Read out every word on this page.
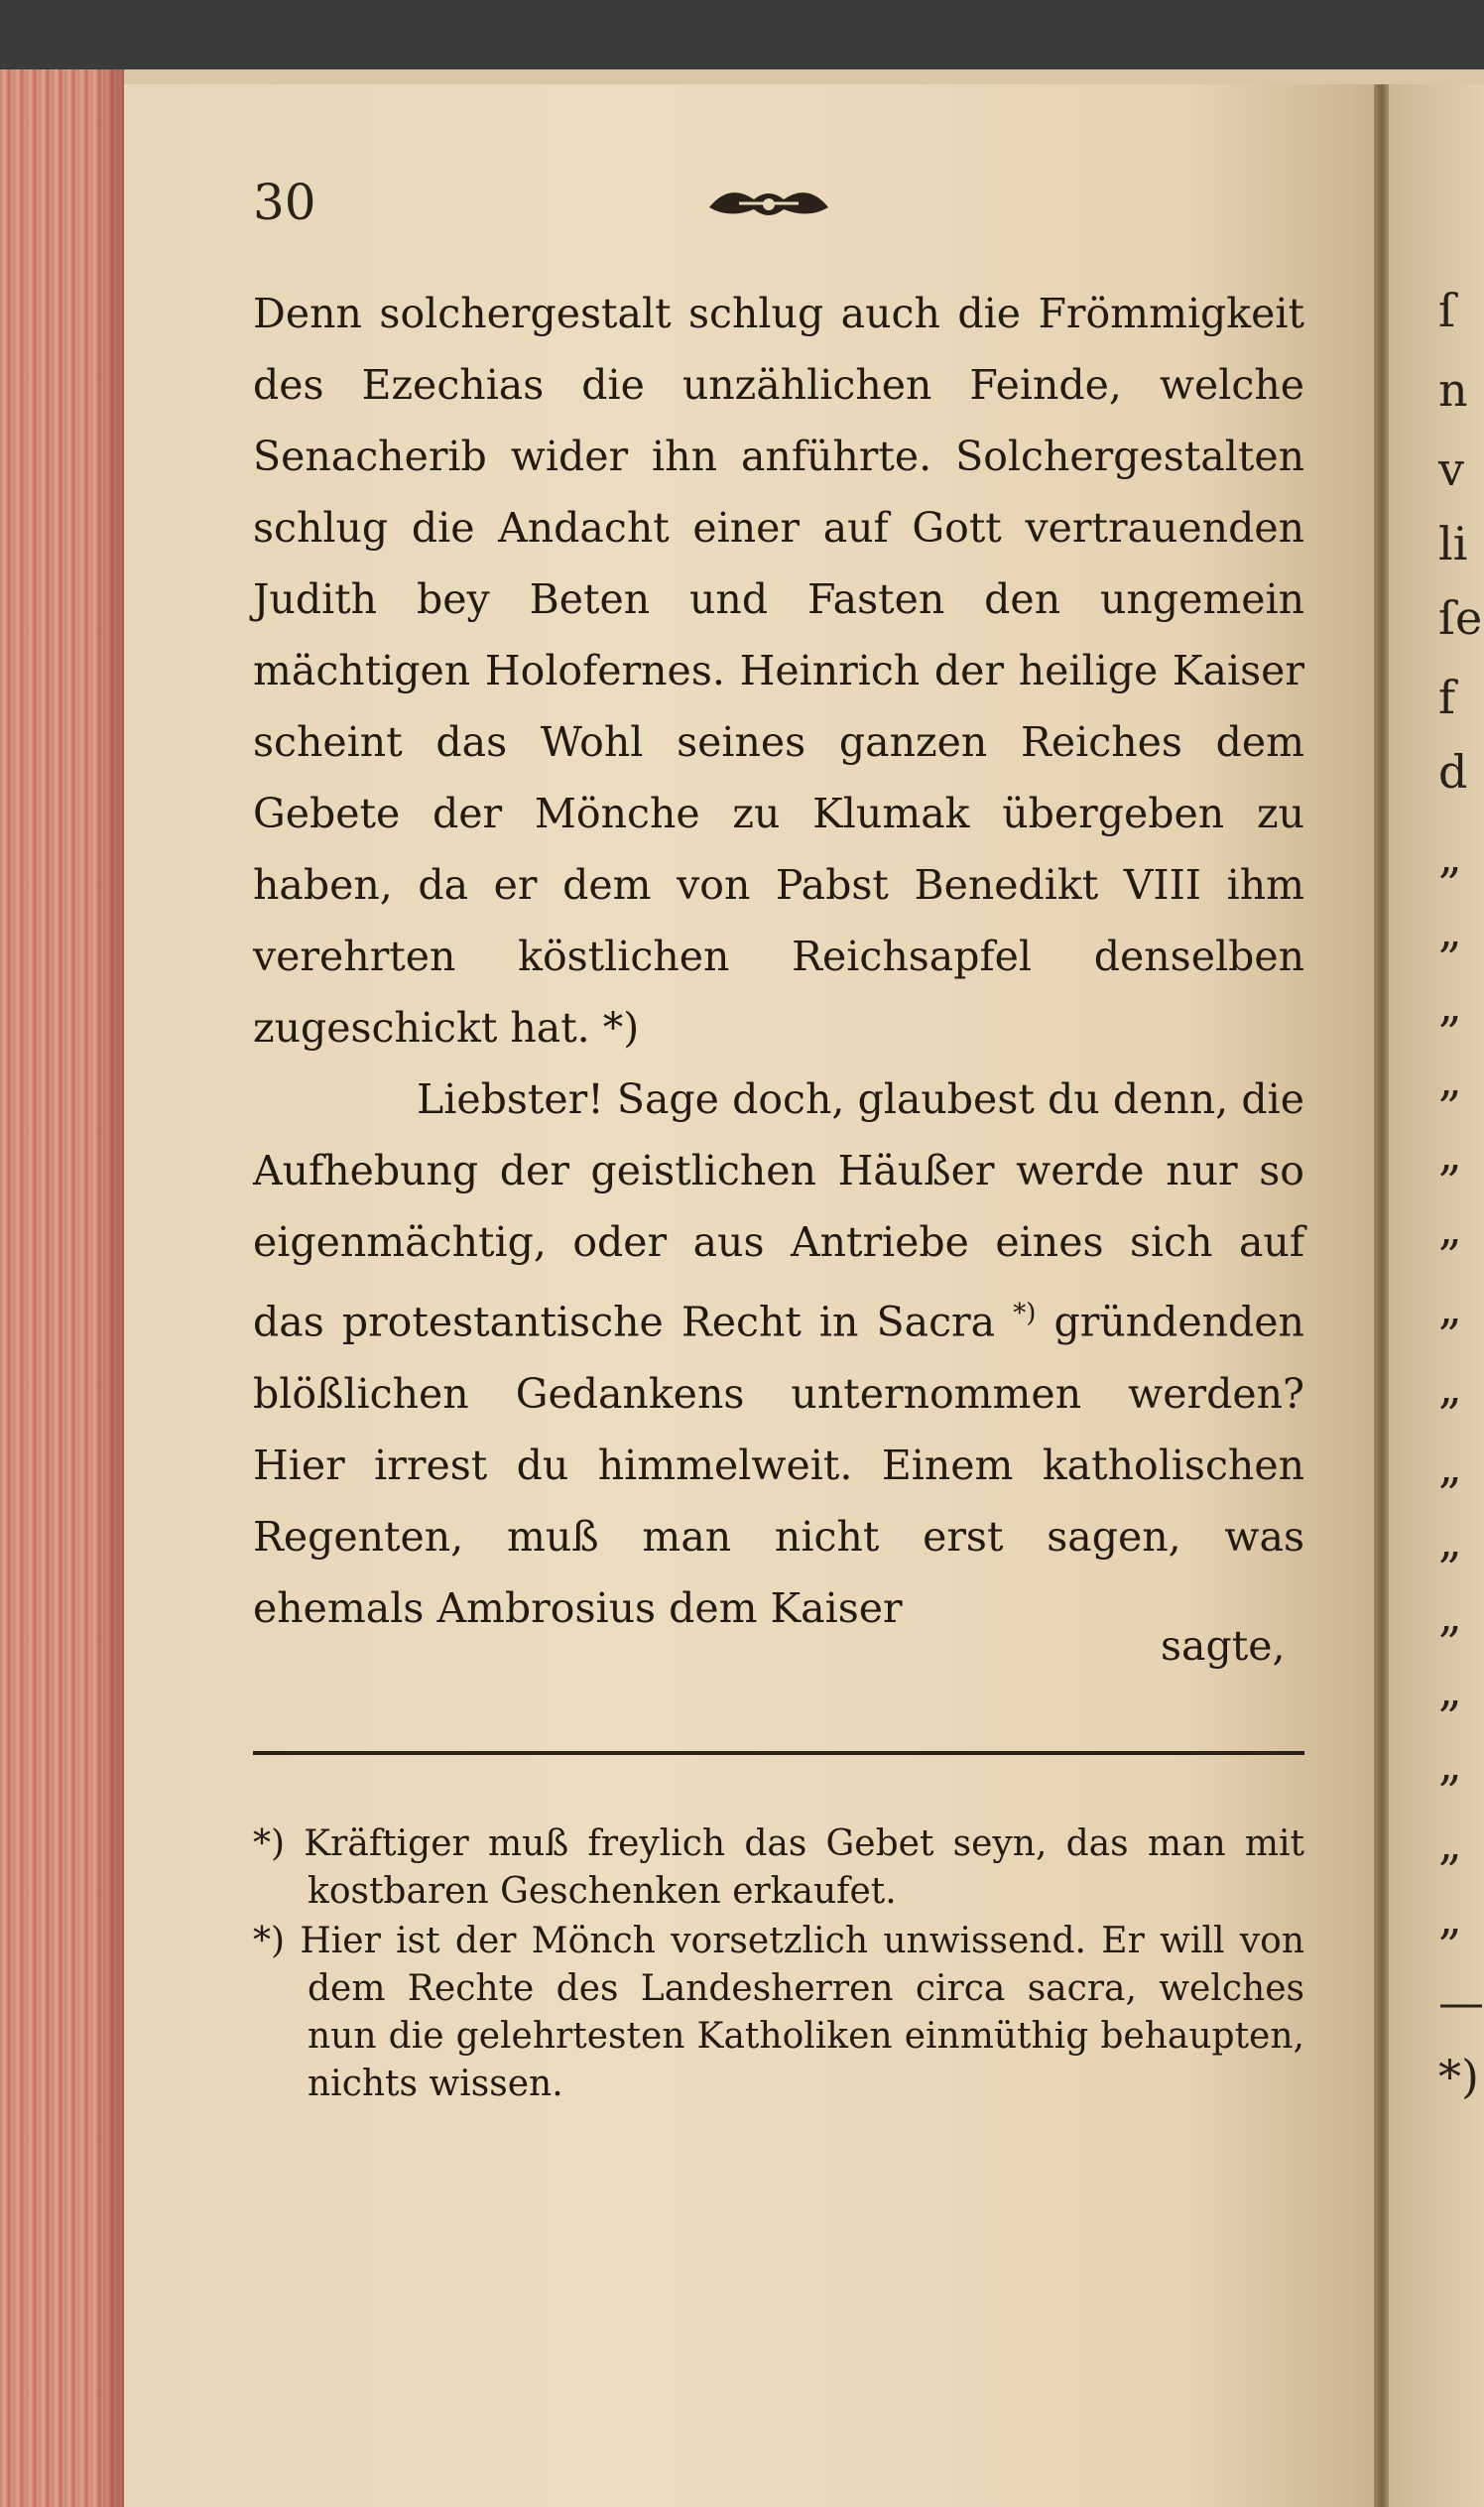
ſ
n
v
li
ſe
f
d
„
„
„
„
„
„
„
„
„
„
„
„
„
„
„
—
*)
30

Denn solchergestalt schlug auch die Frömmigkeit des Ezechias die unzählichen Feinde, welche Senacherib wider ihn anführte. Solchergestalten schlug die Andacht einer auf Gott vertrauenden Judith bey Beten und Fasten den ungemein mächtigen Holofernes. Heinrich der heilige Kaiser scheint das Wohl seines ganzen Reiches dem Gebete der Mönche zu Klumak übergeben zu haben, da er dem von Pabst Benedikt VIII ihm verehrten köstlichen Reichsapfel denselben zugeschickt hat. *)

Liebster! Sage doch, glaubest du denn, die Aufhebung der geistlichen Häußer werde nur so eigenmächtig, oder aus Antriebe eines sich auf das protestantische Recht in Sacra *) gründenden blößlichen Gedankens unternommen werden? Hier irrest du himmelweit. Einem katholischen Regenten, muß man nicht erst sagen, was ehemals Ambrosius dem Kaiser

sagte,

*) Kräftiger muß freylich das Gebet seyn, das man mit kostbaren Geschenken erkaufet.

*) Hier ist der Mönch vorsetzlich unwissend. Er will von dem Rechte des Landesherren circa sacra, welches nun die gelehrtesten Katholiken einmüthig behaupten, nichts wissen.
